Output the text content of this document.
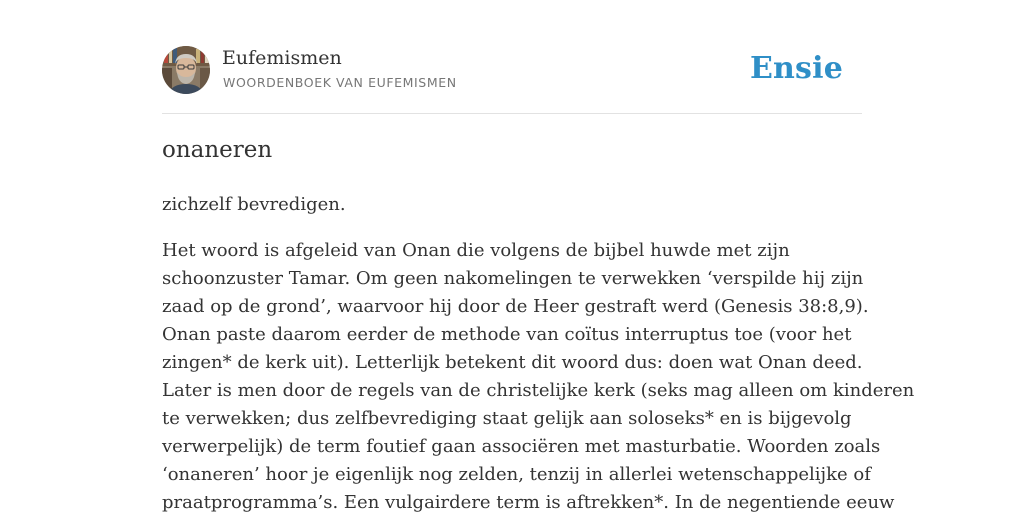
Eufemismen
WOORDENBOEK VAN EUFEMISMEN	Ensie
onaneren

zichzelf bevredigen.

Het woord is afgeleid van Onan die volgens de bijbel huwde met zijn
schoonzuster Tamar. Om geen nakomelingen te verwekken ‘verspilde hij zijn
zaad op de grond’, waarvoor hij door de Heer gestraft werd (Genesis 38:8,9).
Onan paste daarom eerder de methode van coïtus interruptus toe (voor het
zingen* de kerk uit). Letterlijk betekent dit woord dus: doen wat Onan deed.
Later is men door de regels van de christelijke kerk (seks mag alleen om kinderen
te verwekken; dus zelfbevrediging staat gelijk aan soloseks* en is bijgevolg
verwerpelijk) de term foutief gaan associëren met masturbatie. Woorden zoals
‘onaneren’ hoor je eigenlijk nog zelden, tenzij in allerlei wetenschappelijke of
praatprogramma’s. Een vulgairdere term is aftrekken*. In de negentiende eeuw
